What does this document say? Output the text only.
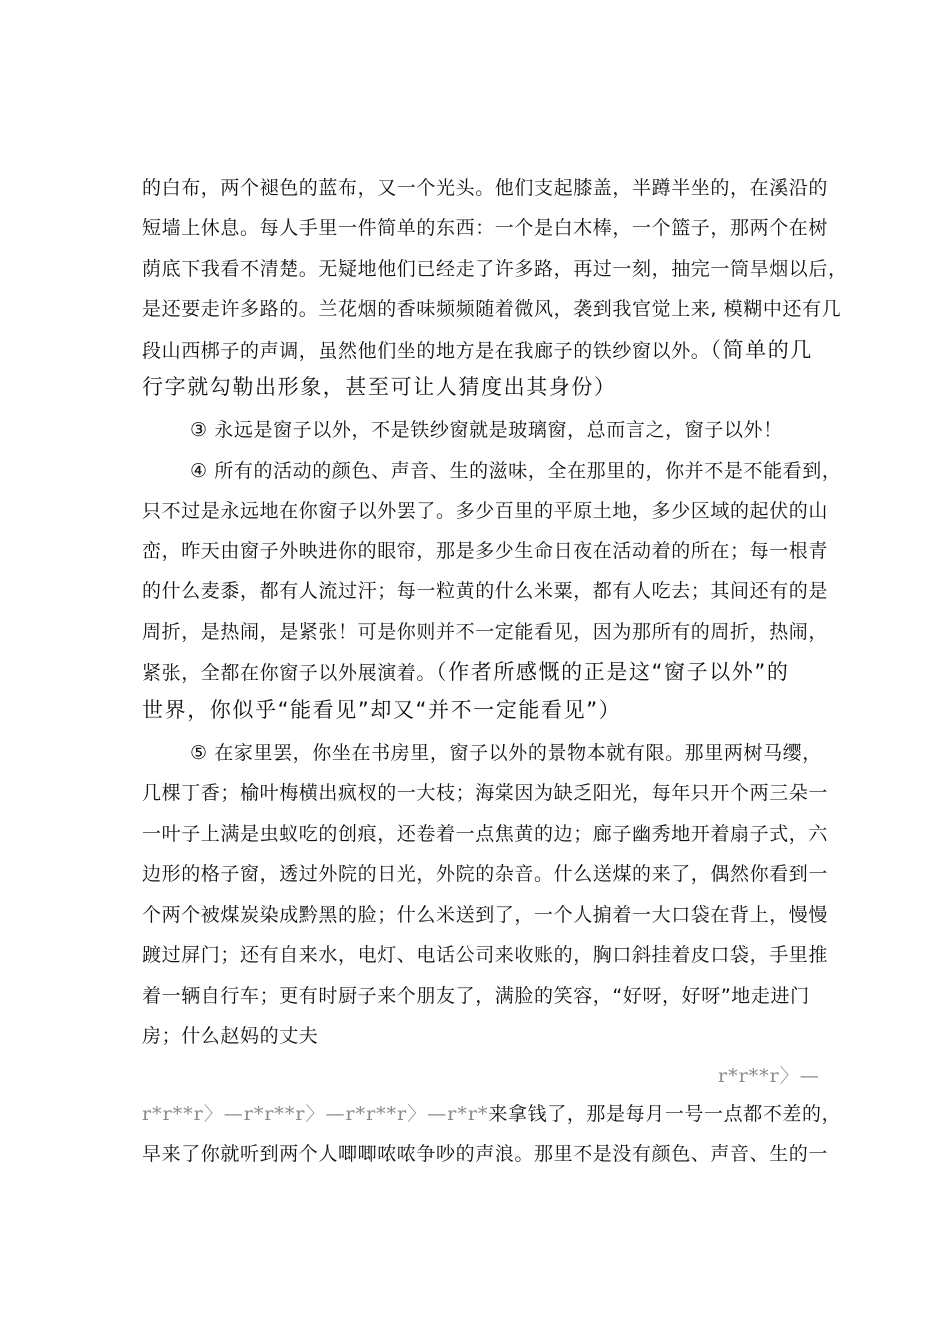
的白布，两个褪色的蓝布，又一个光头。他们支起膝盖，半蹲半坐的，在溪沿的
短墙上休息。每人手里一件简单的东西：一个是白木棒，一个篮子，那两个在树
荫底下我看不清楚。无疑地他们已经走了许多路，再过一刻，抽完一筒旱烟以后，
是还要走许多路的。兰花烟的香味频频随着微风，袭到我官觉上来, 模糊中还有几
段山西梆子的声调，虽然他们坐的地方是在我廊子的铁纱窗以外。（简单的几
行字就勾勒出形象，甚至可让人猜度出其身份）
③ 永远是窗子以外，不是铁纱窗就是玻璃窗，总而言之，窗子以外！
④ 所有的活动的颜色、声音、生的滋味，全在那里的，你并不是不能看到，
只不过是永远地在你窗子以外罢了。多少百里的平原土地，多少区域的起伏的山
峦，昨天由窗子外映进你的眼帘，那是多少生命日夜在活动着的所在；每一根青
的什么麦黍，都有人流过汗；每一粒黄的什么米粟，都有人吃去；其间还有的是
周折，是热闹，是紧张！可是你则并不一定能看见，因为那所有的周折，热闹，
紧张，全都在你窗子以外展演着。（作者所感慨的正是这“窗子以外”的
世界，你似乎“能看见”却又“并不一定能看见”）
⑤ 在家里罢，你坐在书房里，窗子以外的景物本就有限。那里两树马缨，
几棵丁香；榆叶梅横出疯杈的一大枝；海棠因为缺乏阳光，每年只开个两三朵一
一叶子上满是虫蚁吃的创痕，还卷着一点焦黄的边；廊子幽秀地开着扇子式，六
边形的格子窗，透过外院的日光，外院的杂音。什么送煤的来了，偶然你看到一
个两个被煤炭染成黔黑的脸；什么米送到了，一个人掮着一大口袋在背上，慢慢
踱过屏门；还有自来水，电灯、电话公司来收账的，胸口斜挂着皮口袋，手里推
着一辆自行车；更有时厨子来个朋友了，满脸的笑容，“好呀，好呀”地走进门
房；什么赵妈的丈夫
r*r**r〉—
r*r**r〉—r*r**r〉—r*r**r〉—r*r*来拿钱了，那是每月一号一点都不差的，
早来了你就听到两个人唧唧哝哝争吵的声浪。那里不是没有颜色、声音、生的一
